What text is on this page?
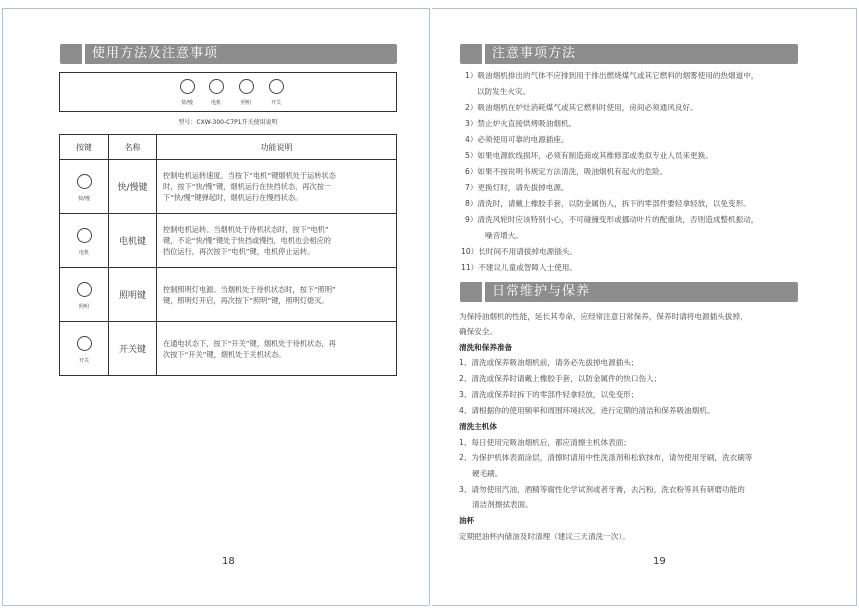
使用方法及注意事项
快/慢	电机	照明	开关
型号：CXW-300-C7P1开关使用说明
按键	名称	功能说明

快/慢	快/慢键	控制电机运转速度。当按下“电机”键烟机处于运转状态
时，按下“快/慢”键，烟机运行在快挡状态，再次按一
下“快/慢”键弹起时，烟机运行在慢挡状态。

电机	电机键	控制电机运转。当烟机处于待机状态时，按下“电机”
键，不论“快/慢”键处于快挡或慢挡，电机也会相应的
挡位运行，再次按下“电机”键，电机停止运转。

照明	照明键	控制照明灯电源。当烟机处于待机状态时，按下“照明”
键，照明灯开启，再次按下“照明”键，照明灯熄灭。

开关	开关键	在通电状态下，按下“开关”键，烟机处于待机状态，再
次按下“开关”键，烟机处于关机状态。
18
注意事项方法
1）吸油烟机排出的气体不应排到用于排出燃烧煤气或其它燃料的烟雾使用的热烟道中，
以防发生火灾。
2）吸油烟机在炉灶消耗煤气或其它燃料时使用，房间必须通风良好。
3）禁止炉火直接烘烤吸油烟机。
4）必须使用可靠的电源插座。
5）如果电源软线损坏，必须有制造商或其维修部或类似专业人员来更换。
6）如果不按说明书规定方法清洗，吸油烟机有起火的危险。
7）更换灯时，请先拔掉电源。
8）清洗时，请戴上橡胶手套，以防金属伤人，拆下的零部件要轻拿轻放，以免变形。
9）清洗风轮时应该特别小心，不可碰撞变形或挪动叶片的配重块，否则造成整机振动，
噪音增大。
10）长时间不用请拔掉电源插头。
11）不建议儿童或智障人士使用。
日常维护与保养
为保持油烟机的性能，延长其寿命，应经常注意日常保养，保养时请将电源插头拔掉，
确保安全。
清洗和保养准备
1、清洗或保养吸油烟机前，请务必先拔掉电源插头；
2、清洗或保养时请戴上橡胶手套，以防金属件的快口伤人；
3、清洗或保养时拆下的零部件轻拿轻放，以免变形；
4、请根据你的使用频率和周围环境状况，进行定期的清洁和保养吸油烟机。
清洗主机体
1、每日使用完吸油烟机后，都应清擦主机体表面；
2、为保护机体表面涂层，清擦时请用中性洗涤剂和松软抹布，请勿使用牙刷，洗衣刷等
硬毛刷。
3、请勿使用汽油，酒精等腐性化学试剂或者牙膏，去污粉，洗衣粉等具有研磨功能的
清洁剂擦拭表面。
油杯
定期把油杯内储油及时清理（建议三天清洗一次）。
19
